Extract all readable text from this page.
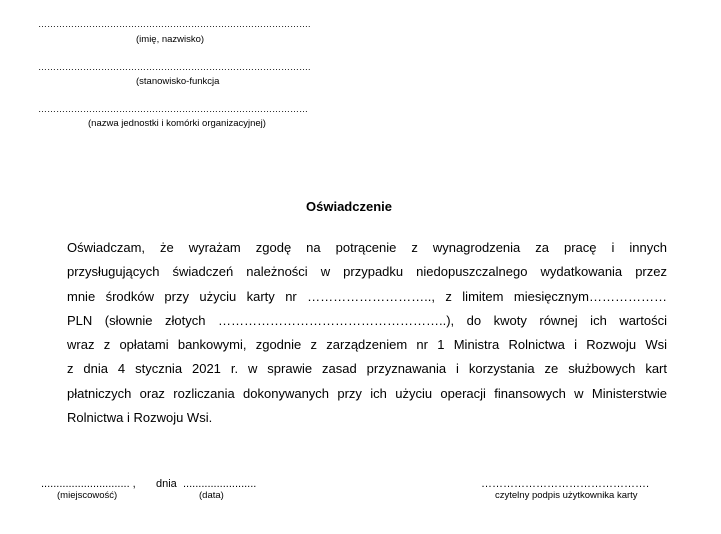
……………………………………………………………………………….
(imię, nazwisko)
……………………………………………………………………………….
(stanowisko-funkcja
………………………………………………………………………………
(nazwa jednostki i komórki organizacyjnej)
Oświadczenie
Oświadczam, że wyrażam zgodę na potrącenie z wynagrodzenia za pracę i innych
przysługujących świadczeń należności w przypadku niedopuszczalnego wydatkowania przez
mnie środków przy użyciu karty nr ……………………….., z limitem miesięcznym………………
PLN (słownie złotych ……………………………………………..), do kwoty równej ich wartości
wraz z opłatami bankowymi, zgodnie z zarządzeniem nr 1 Ministra Rolnictwa i Rozwoju Wsi
z dnia 4 stycznia 2021 r. w sprawie zasad przyznawania i korzystania ze służbowych kart
płatniczych oraz rozliczania dokonywanych przy ich użyciu operacji finansowych w Ministerstwie
Rolnictwa i Rozwoju Wsi.
............................. , dnia ........................
(miejscowość)	(data)
……………………………………….
czytelny podpis użytkownika karty
